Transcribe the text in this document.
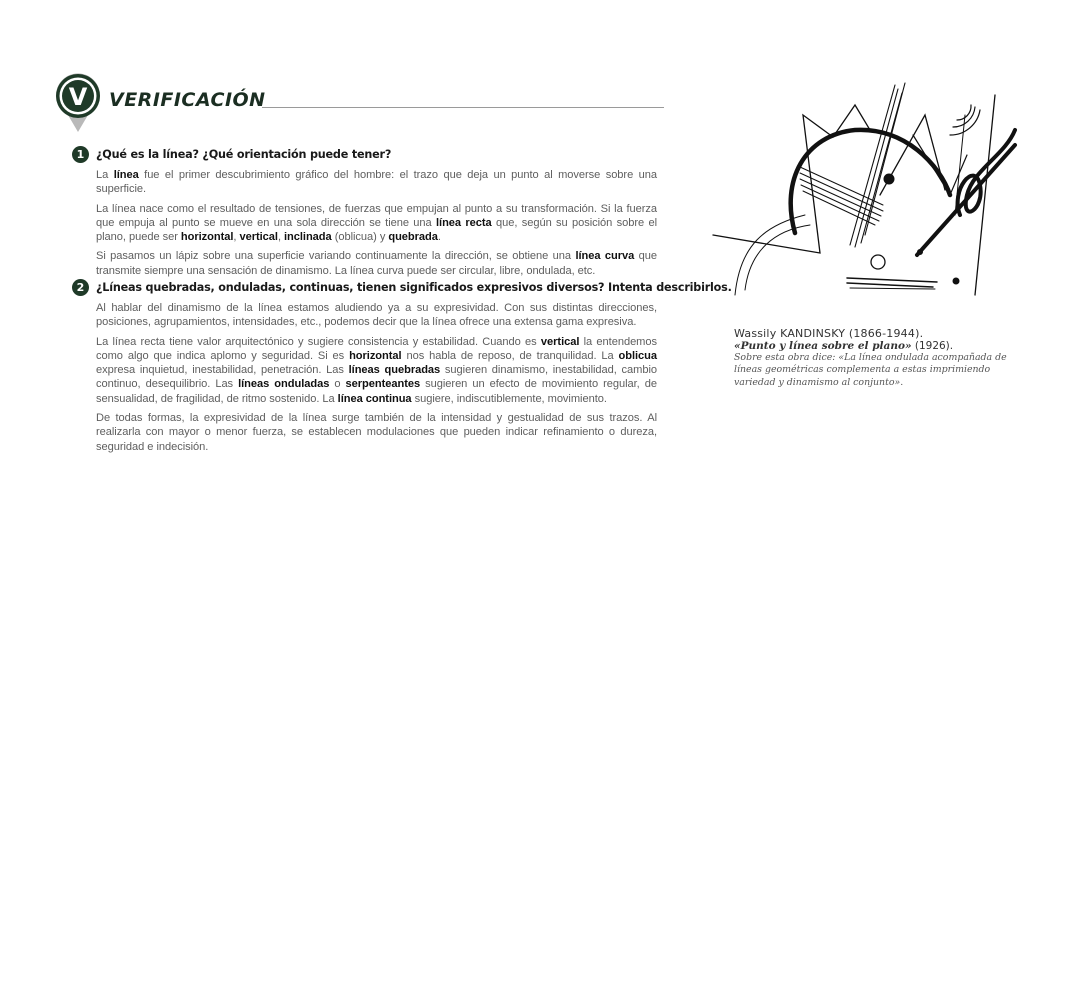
V VERIFICACIÓN
1	¿Qué es la línea? ¿Qué orientación puede tener?

La línea fue el primer descubrimiento gráfico del hombre: el trazo que deja un punto al moverse sobre una superficie.

La línea nace como el resultado de tensiones, de fuerzas que empujan al punto a su transformación. Si la fuerza que empuja al punto se mueve en una sola dirección se tiene una línea recta que, según su posición sobre el plano, puede ser horizontal, vertical, inclinada (oblicua) y quebrada.

Si pasamos un lápiz sobre una superficie variando continuamente la dirección, se obtiene una línea curva que transmite siempre una sensación de dinamismo. La línea curva puede ser circular, libre, ondulada, etc.

2	¿Líneas quebradas, onduladas, continuas, tienen significados expresivos diversos? Intenta describirlos.

Al hablar del dinamismo de la línea estamos aludiendo ya a su expresividad. Con sus distintas direcciones, posiciones, agrupamientos, intensidades, etc., podemos decir que la línea ofrece una extensa gama expresiva.

La línea recta tiene valor arquitectónico y sugiere consistencia y estabilidad. Cuando es vertical la entendemos como algo que indica aplomo y seguridad. Si es horizontal nos habla de reposo, de tranquilidad. La oblicua expresa inquietud, inestabilidad, penetración. Las líneas quebradas sugieren dinamismo, inestabilidad, cambio continuo, desequilibrio. Las líneas onduladas o serpenteantes sugieren un efecto de movimiento regular, de sensualidad, de fragilidad, de ritmo sostenido. La línea continua sugiere, indiscutiblemente, movimiento.

De todas formas, la expresividad de la línea surge también de la intensidad y gestualidad de sus trazos. Al realizarla con mayor o menor fuerza, se establecen modulaciones que pueden indicar refinamiento o dureza, seguridad e indecisión.

Wassily KANDINSKY (1866-1944).
«Punto y línea sobre el plano» (1926).
Sobre esta obra dice: «La línea ondulada acompañada de líneas geométricas complementa a estas imprimiendo variedad y dinamismo al conjunto».
